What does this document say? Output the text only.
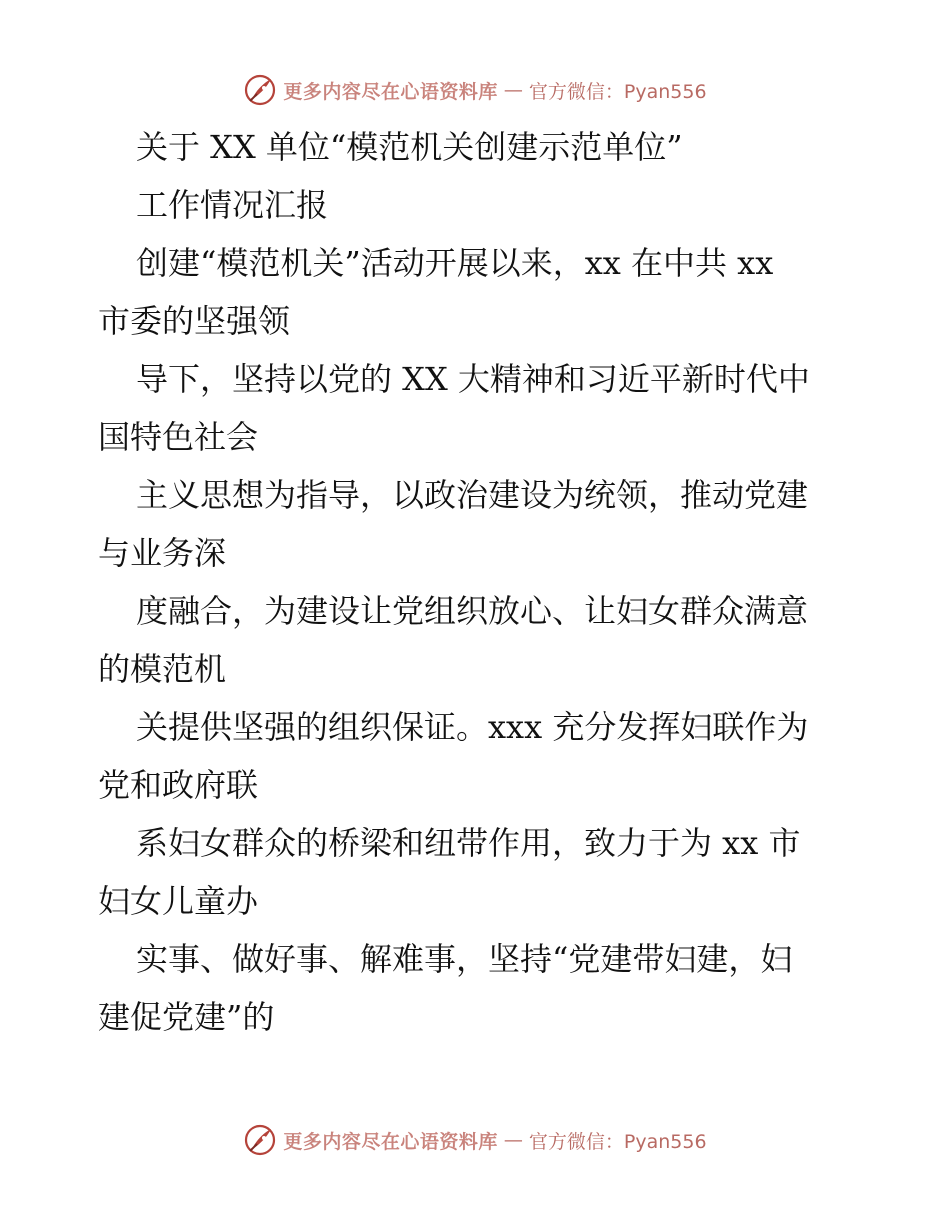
更多内容尽在心语资料库 — 官方微信：Pyan556
关于 XX 单位“模范机关创建示范单位”
工作情况汇报
创建“模范机关”活动开展以来，xx 在中共 xx
市委的坚强领
导下，坚持以党的 XX 大精神和习近平新时代中
国特色社会
主义思想为指导，以政治建设为统领，推动党建
与业务深
度融合，为建设让党组织放心、让妇女群众满意
的模范机
关提供坚强的组织保证。xxx 充分发挥妇联作为
党和政府联
系妇女群众的桥梁和纽带作用，致力于为 xx 市
妇女儿童办
实事、做好事、解难事，坚持“党建带妇建，妇
建促党建”的
更多内容尽在心语资料库 — 官方微信：Pyan556
